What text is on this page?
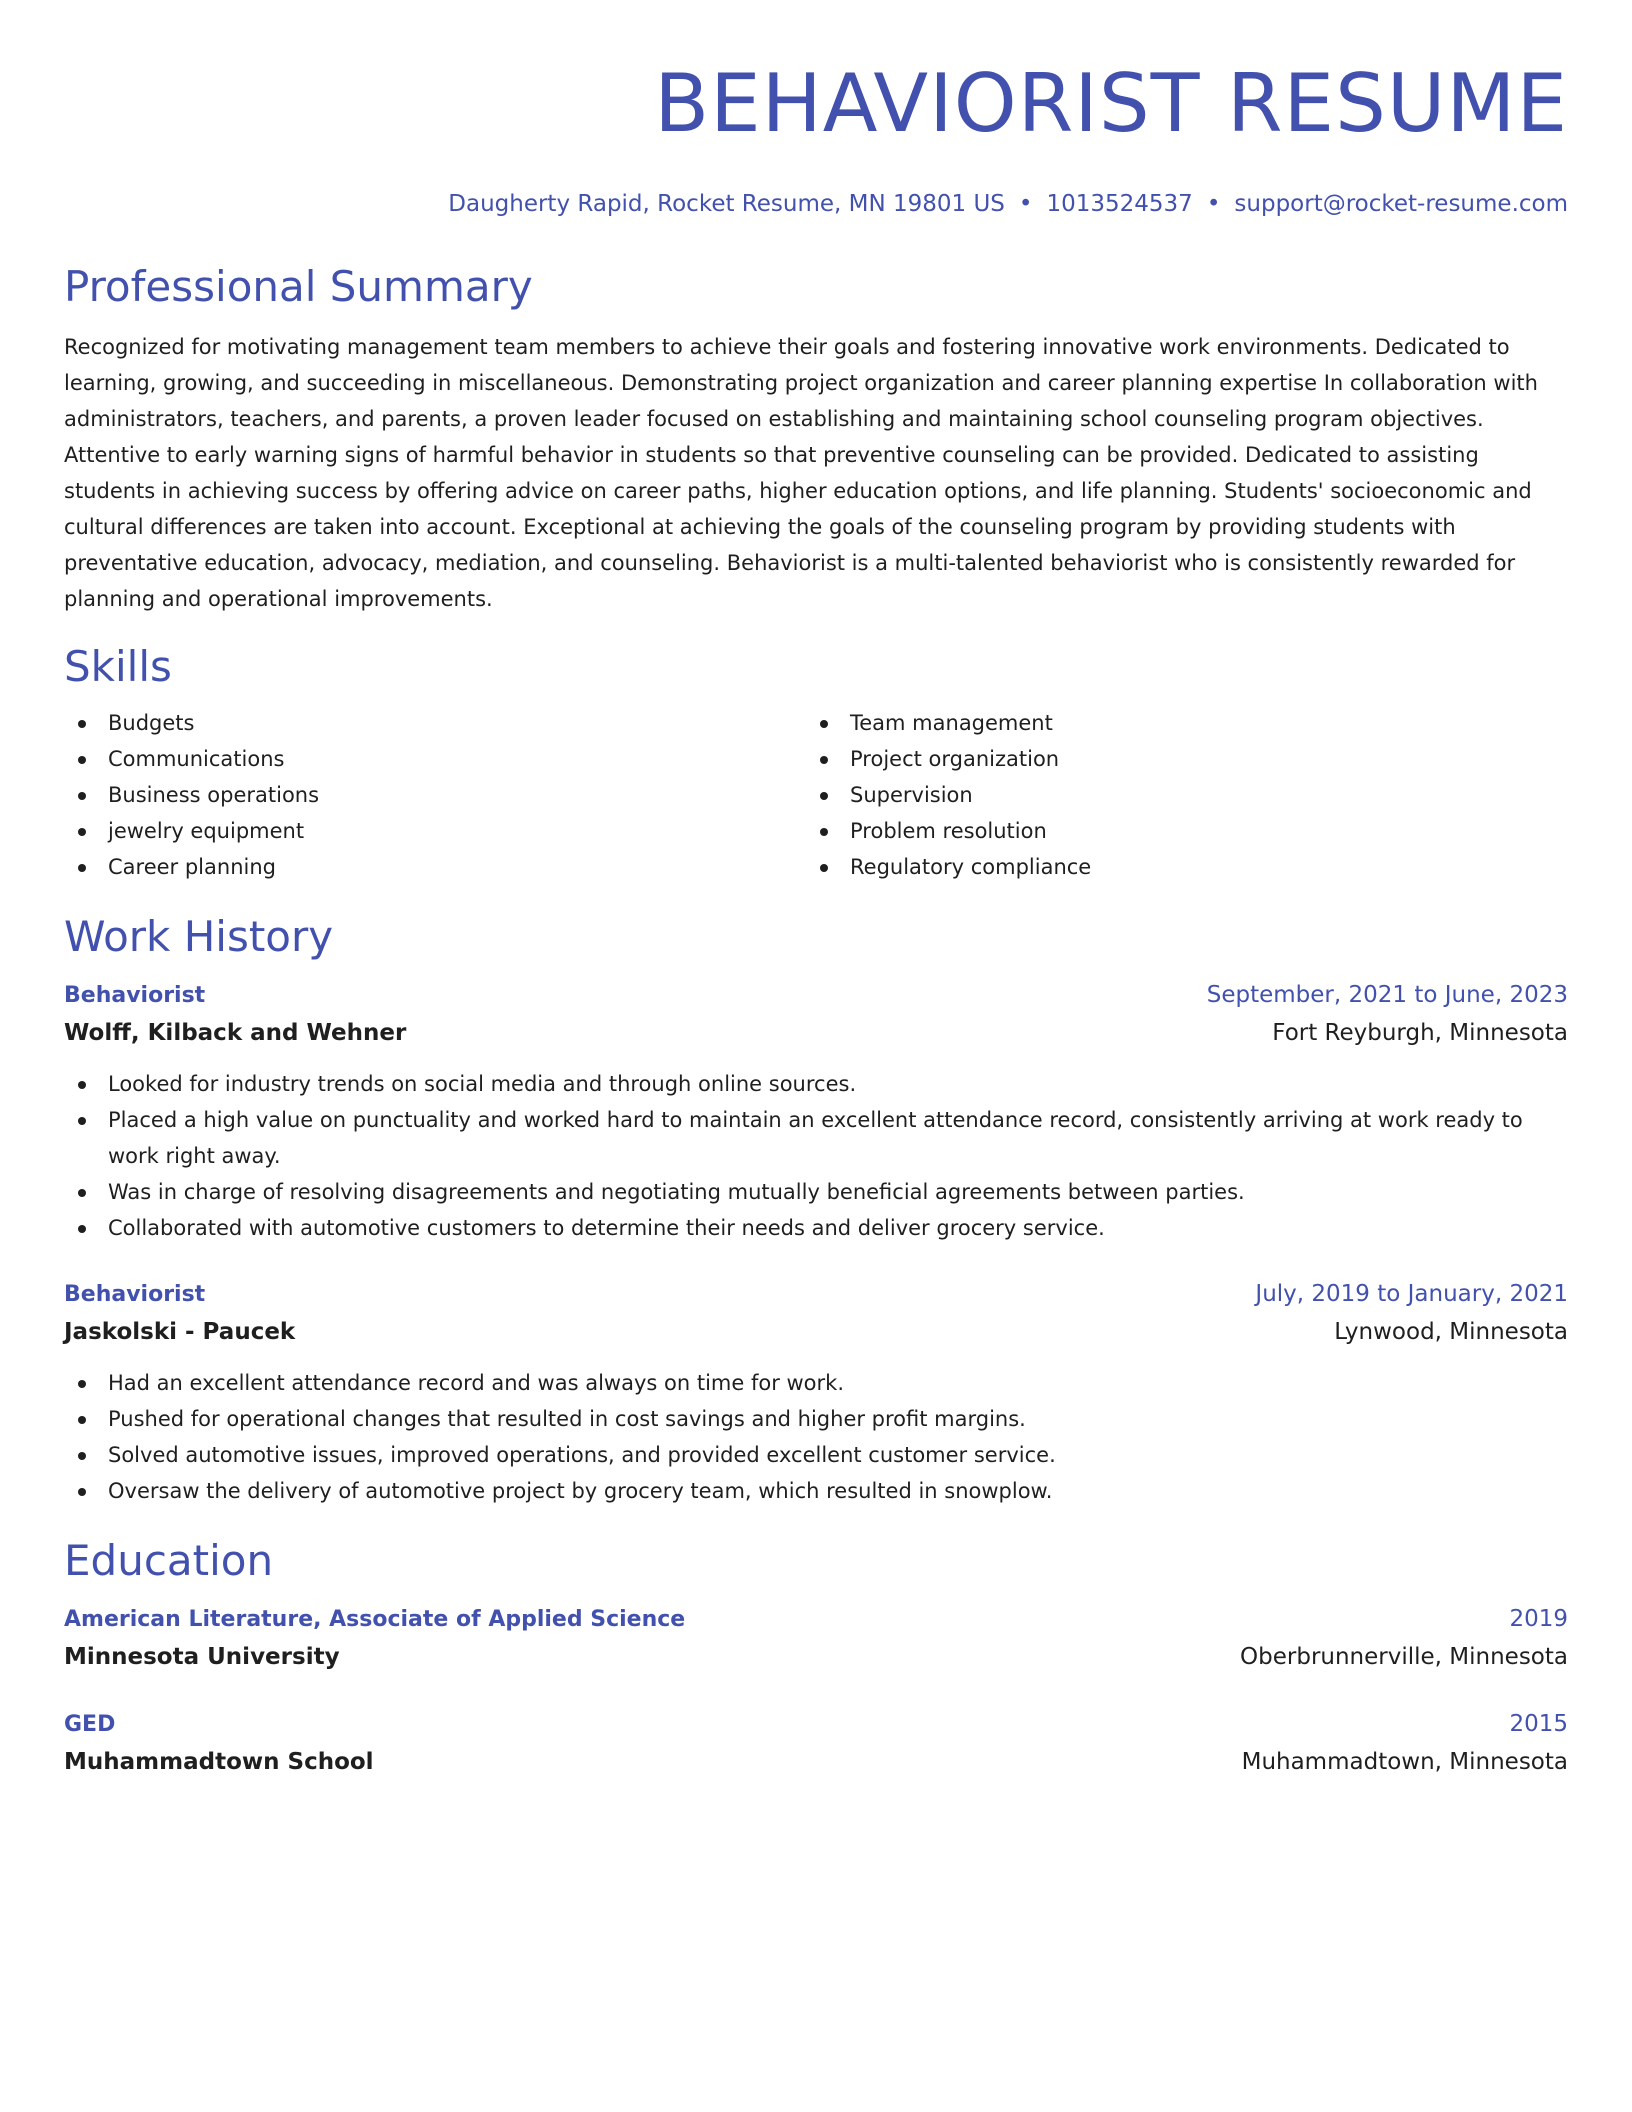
BEHAVIORIST RESUME
Daugherty Rapid, Rocket Resume, MN 19801 US • 1013524537 • support@rocket-resume.com
Professional Summary
Recognized for motivating management team members to achieve their goals and fostering innovative work environments. Dedicated to learning, growing, and succeeding in miscellaneous. Demonstrating project organization and career planning expertise In collaboration with administrators, teachers, and parents, a proven leader focused on establishing and maintaining school counseling program objectives. Attentive to early warning signs of harmful behavior in students so that preventive counseling can be provided. Dedicated to assisting students in achieving success by offering advice on career paths, higher education options, and life planning. Students' socioeconomic and cultural differences are taken into account. Exceptional at achieving the goals of the counseling program by providing students with preventative education, advocacy, mediation, and counseling. Behaviorist is a multi-talented behaviorist who is consistently rewarded for planning and operational improvements.
Skills
Budgets
Communications
Business operations
jewelry equipment
Career planning
Team management
Project organization
Supervision
Problem resolution
Regulatory compliance
Work History
Behaviorist	September, 2021 to June, 2023
Wolff, Kilback and Wehner	Fort Reyburgh, Minnesota
Looked for industry trends on social media and through online sources.
Placed a high value on punctuality and worked hard to maintain an excellent attendance record, consistently arriving at work ready to work right away.
Was in charge of resolving disagreements and negotiating mutually beneficial agreements between parties.
Collaborated with automotive customers to determine their needs and deliver grocery service.
Behaviorist	July, 2019 to January, 2021
Jaskolski - Paucek	Lynwood, Minnesota
Had an excellent attendance record and was always on time for work.
Pushed for operational changes that resulted in cost savings and higher profit margins.
Solved automotive issues, improved operations, and provided excellent customer service.
Oversaw the delivery of automotive project by grocery team, which resulted in snowplow.
Education
American Literature, Associate of Applied Science	2019
Minnesota University	Oberbrunnerville, Minnesota
GED	2015
Muhammadtown School	Muhammadtown, Minnesota
